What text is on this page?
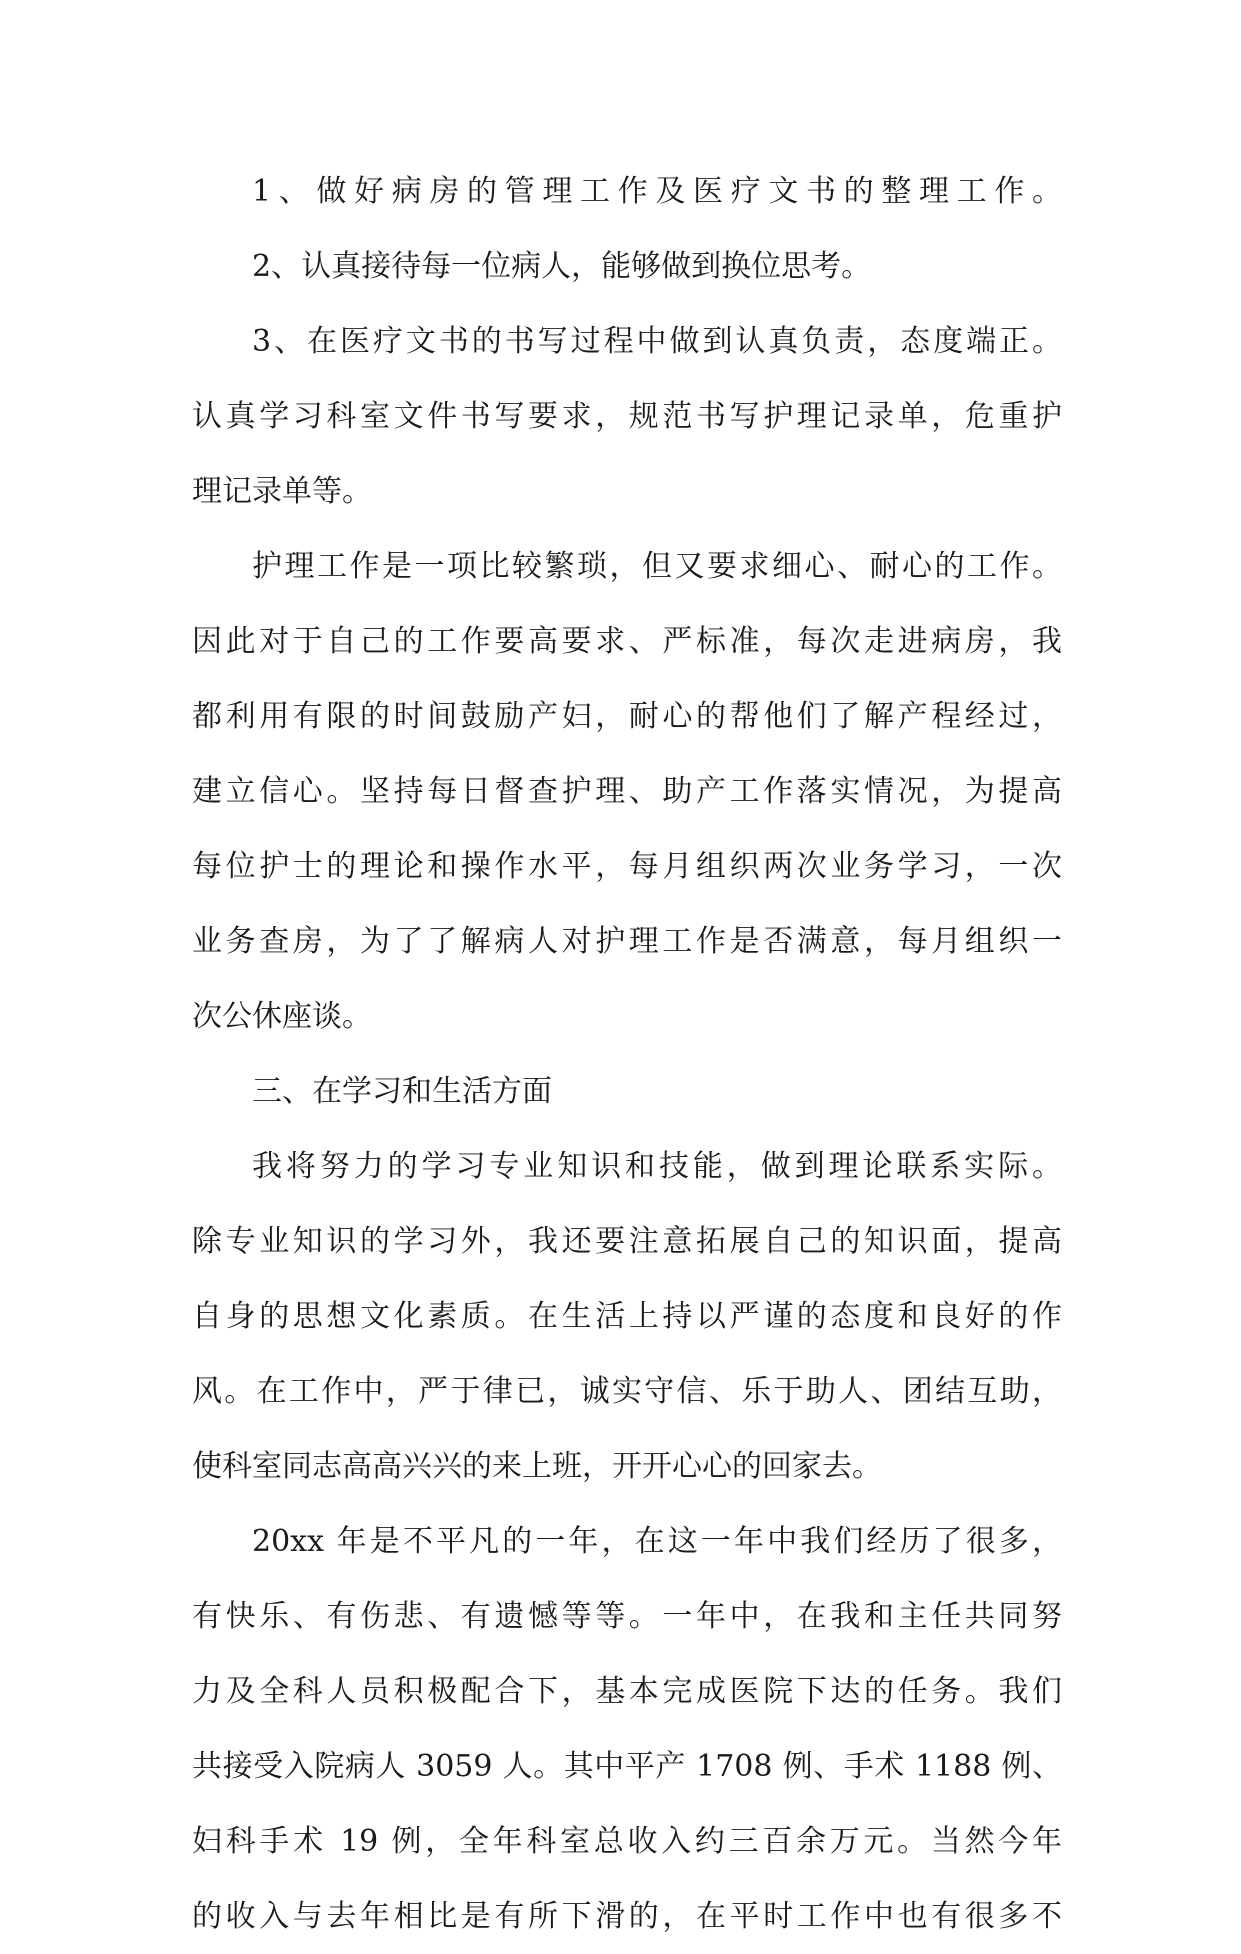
1、做好病房的管理工作及医疗文书的整理工作。
2、认真接待每一位病人，能够做到换位思考。
3、在医疗文书的书写过程中做到认真负责，态度端正。
认真学习科室文件书写要求，规范书写护理记录单，危重护
理记录单等。
护理工作是一项比较繁琐，但又要求细心、耐心的工作。
因此对于自己的工作要高要求、严标准，每次走进病房，我
都利用有限的时间鼓励产妇，耐心的帮他们了解产程经过，
建立信心。坚持每日督查护理、助产工作落实情况，为提高
每位护士的理论和操作水平，每月组织两次业务学习，一次
业务查房，为了了解病人对护理工作是否满意，每月组织一
次公休座谈。
三、在学习和生活方面
我将努力的学习专业知识和技能，做到理论联系实际。
除专业知识的学习外，我还要注意拓展自己的知识面，提高
自身的思想文化素质。在生活上持以严谨的态度和良好的作
风。在工作中，严于律已，诚实守信、乐于助人、团结互助，
使科室同志高高兴兴的来上班，开开心心的回家去。
20xx 年是不平凡的一年，在这一年中我们经历了很多，
有快乐、有伤悲、有遗憾等等。一年中，在我和主任共同努
力及全科人员积极配合下，基本完成医院下达的任务。我们
共接受入院病人 3059 人。其中平产 1708 例、手术 1188 例、
妇科手术 19 例，全年科室总收入约三百余万元。当然今年
的收入与去年相比是有所下滑的，在平时工作中也有很多不
